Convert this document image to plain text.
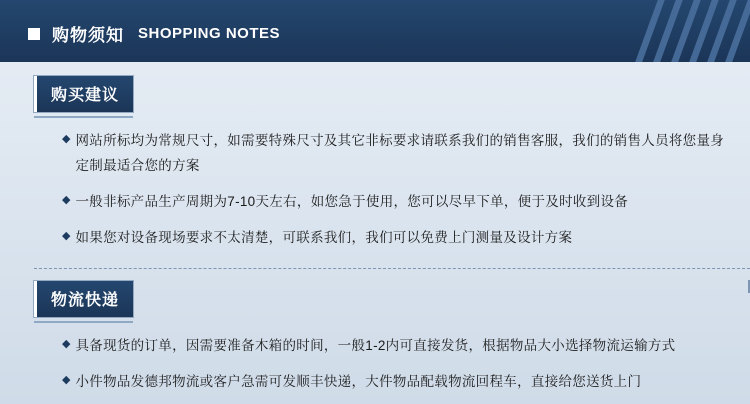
购物须知 SHOPPING NOTES
购买建议
◆ 网站所标均为常规尺寸，如需要特殊尺寸及其它非标要求请联系我们的销售客服，我们的销售人员将您量身定制最适合您的方案
◆ 一般非标产品生产周期为7-10天左右，如您急于使用，您可以尽早下单，便于及时收到设备
◆ 如果您对设备现场要求不太清楚，可联系我们，我们可以免费上门测量及设计方案
物流快递
◆ 具备现货的订单，因需要准备木箱的时间，一般1-2内可直接发货，根据物品大小选择物流运输方式
◆ 小件物品发德邦物流或客户急需可发顺丰快递，大件物品配载物流回程车，直接给您送货上门
